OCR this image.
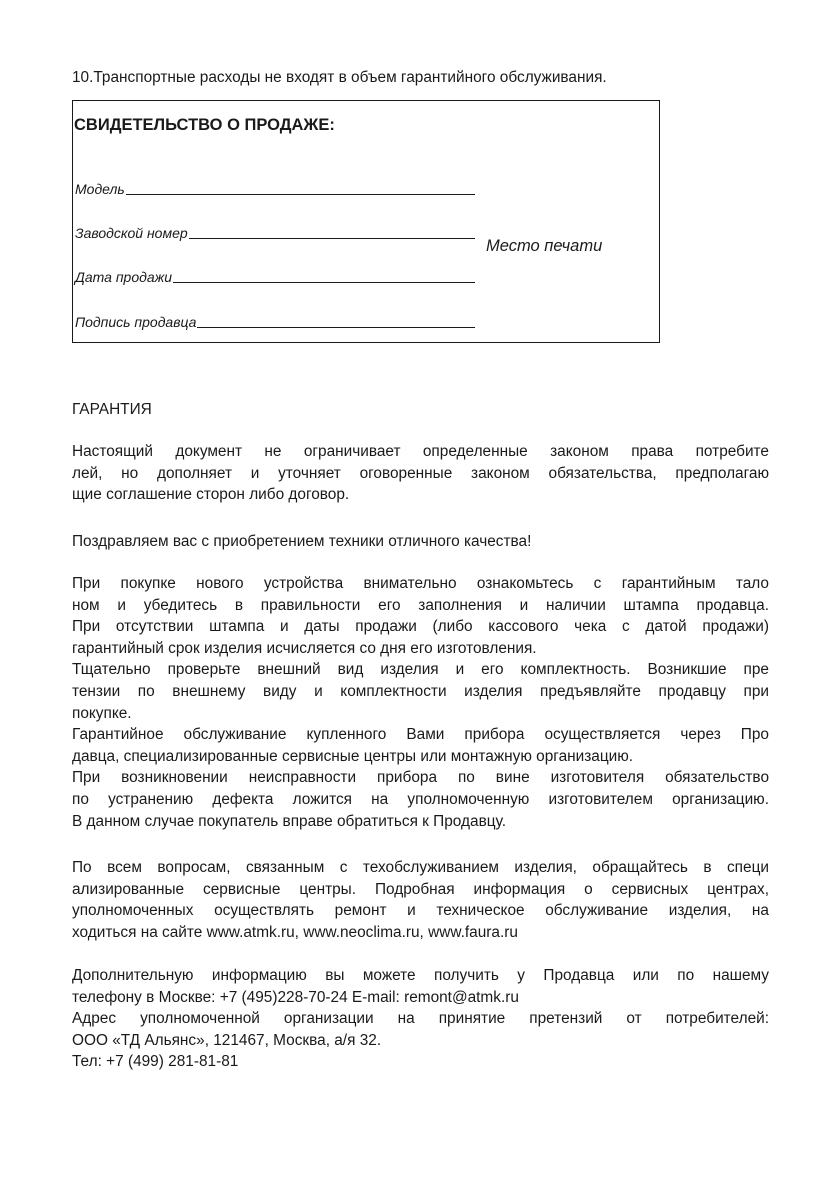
10.Транспортные расходы не входят в объем гарантийного обслуживания.
СВИДЕТЕЛЬСТВО О ПРОДАЖЕ:
Модель
Заводской номер
Дата продажи
Подпись продавца
Место печати
ГАРАНТИЯ
Настоящий документ не ограничивает определенные законом права потребите
лей, но дополняет и уточняет оговоренные законом обязательства, предполагаю
щие соглашение сторон либо договор.
Поздравляем вас с приобретением техники отличного качества!
При покупке нового устройства внимательно ознакомьтесь с гарантийным тало
ном и убедитесь в правильности его заполнения и наличии штампа продавца.
При отсутствии штампа и даты продажи (либо кассового чека с датой продажи)
гарантийный срок изделия исчисляется со дня его изготовления.
Тщательно проверьте внешний вид изделия и его комплектность. Возникшие пре
тензии по внешнему виду и комплектности изделия предъявляйте продавцу при
покупке.
Гарантийное обслуживание купленного Вами прибора осуществляется через Про
давца, специализированные сервисные центры или монтажную организацию.
При возникновении неисправности прибора по вине изготовителя обязательство
по устранению дефекта ложится на уполномоченную изготовителем организацию.
В данном случае покупатель вправе обратиться к Продавцу.
По всем вопросам, связанным с техобслуживанием изделия, обращайтесь в специ
ализированные сервисные центры. Подробная информация о сервисных центрах,
уполномоченных осуществлять ремонт и техническое обслуживание изделия, на
ходиться на сайте www.atmk.ru, www.neoclima.ru, www.faura.ru
Дополнительную информацию вы можете получить у Продавца или по нашему
телефону в Москве: +7 (495)228-70-24 E-mail: remont@atmk.ru
Адрес уполномоченной организации на принятие претензий от потребителей:
ООО «ТД Альянс», 121467, Москва, а/я 32.
Тел: +7 (499) 281-81-81
